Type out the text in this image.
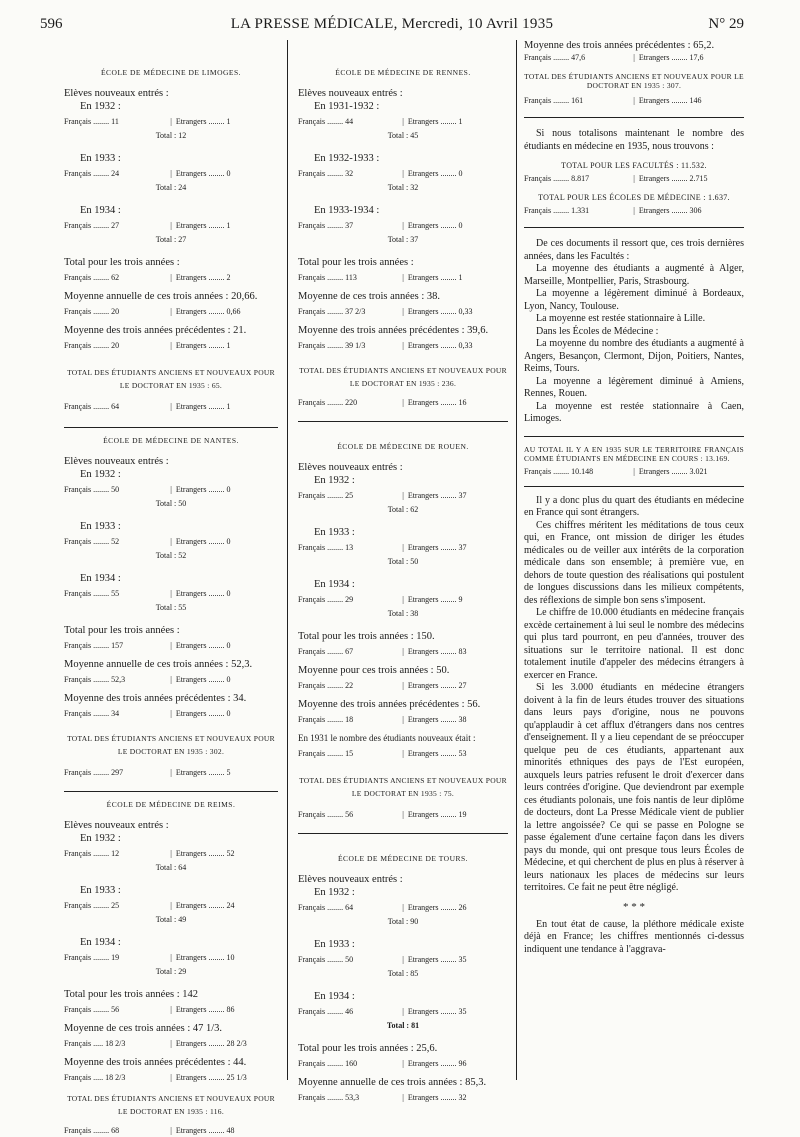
596	LA PRESSE MÉDICALE, Mercredi, 10 Avril 1935	N° 29
ÉCOLE DE MÉDECINE DE LIMOGES.

Elèves nouveaux entrés :

En 1932 :

Français ........ 11	| Etrangers ........ 1
Total : 12

En 1933 :

Français ........ 24	| Etrangers ........ 0
Total : 24

En 1934 :

Français ........ 27	| Etrangers ........ 1
Total : 27

Total pour les trois années :

Français ........ 62	| Etrangers ........ 2

Moyenne annuelle de ces trois années : 20,66.

Français ........ 20	| Etrangers ........ 0,66

Moyenne des trois années précédentes : 21.

Français ........ 20	| Etrangers ........ 1
TOTAL DES ÉTUDIANTS ANCIENS ET NOUVEAUX POUR LE DOCTORAT EN 1935 : 65.
Français ........ 64	| Etrangers ........ 1
ÉCOLE DE MÉDECINE DE NANTES.

Elèves nouveaux entrés :

En 1932 :

Français ........ 50	| Etrangers ........ 0
Total : 50

En 1933 :

Français ........ 52	| Etrangers ........ 0
Total : 52

En 1934 :

Français ........ 55	| Etrangers ........ 0
Total : 55

Total pour les trois années :

Français ........ 157	| Etrangers ........ 0

Moyenne annuelle de ces trois années : 52,3.

Français ........ 52,3	| Etrangers ........ 0

Moyenne des trois années précédentes : 34.

Français ........ 34	| Etrangers ........ 0
TOTAL DES ÉTUDIANTS ANCIENS ET NOUVEAUX POUR LE DOCTORAT EN 1935 : 302.
Français ........ 297	| Etrangers ........ 5
ÉCOLE DE MÉDECINE DE REIMS.

Elèves nouveaux entrés :

En 1932 :

Français ........ 12	| Etrangers ........ 52
Total : 64

En 1933 :

Français ........ 25	| Etrangers ........ 24
Total : 49

En 1934 :

Français ........ 19	| Etrangers ........ 10
Total : 29

Total pour les trois années : 142

Français ........ 56	| Etrangers ........ 86

Moyenne de ces trois années : 47 1/3.

Français ..... 18 2/3	| Etrangers ........ 28 2/3

Moyenne des trois années précédentes : 44.

Français ..... 18 2/3	| Etrangers ........ 25 1/3
TOTAL DES ÉTUDIANTS ANCIENS ET NOUVEAUX POUR LE DOCTORAT EN 1935 : 116.
Français ........ 68	| Etrangers ........ 48
ÉCOLE DE MÉDECINE DE RENNES.

Elèves nouveaux entrés :

En 1931-1932 :

Français ........ 44	| Etrangers ........ 1
Total : 45

En 1932-1933 :

Français ........ 32	| Etrangers ........ 0
Total : 32

En 1933-1934 :

Français ........ 37	| Etrangers ........ 0
Total : 37

Total pour les trois années :

Français ........ 113	| Etrangers ........ 1

Moyenne de ces trois années : 38.

Français ........ 37 2/3	| Etrangers ........ 0,33

Moyenne des trois années précédentes : 39,6.

Français ........ 39 1/3	| Etrangers ........ 0,33
TOTAL DES ÉTUDIANTS ANCIENS ET NOUVEAUX POUR LE DOCTORAT EN 1935 : 236.
Français ........ 220	| Etrangers ........ 16
ÉCOLE DE MÉDECINE DE ROUEN.

Elèves nouveaux entrés :

En 1932 :

Français ........ 25	| Etrangers ........ 37
Total : 62

En 1933 :

Français ........ 13	| Etrangers ........ 37
Total : 50

En 1934 :

Français ........ 29	| Etrangers ........ 9
Total : 38

Total pour les trois années : 150.

Français ........ 67	| Etrangers ........ 83

Moyenne pour ces trois années : 50.

Français ........ 22	| Etrangers ........ 27

Moyenne des trois années précédentes : 56.

Français ........ 18	| Etrangers ........ 38

En 1931 le nombre des étudiants nouveaux était :

Français ........ 15	| Etrangers ........ 53
TOTAL DES ÉTUDIANTS ANCIENS ET NOUVEAUX POUR LE DOCTORAT EN 1935 : 75.
Français ........ 56	| Etrangers ........ 19
ÉCOLE DE MÉDECINE DE TOURS.

Elèves nouveaux entrés :

En 1932 :

Français ........ 64	| Etrangers ........ 26
Total : 90

En 1933 :

Français ........ 50	| Etrangers ........ 35
Total : 85

En 1934 :

Français ........ 46	| Etrangers ........ 35
Total : 81

Total pour les trois années : 25,6.

Français ........ 160	| Etrangers ........ 96

Moyenne annuelle de ces trois années : 85,3.

Français ........ 53,3	| Etrangers ........ 32

Moyenne des trois années précédentes : 65,2.

Français ........ 47,6	| Etrangers ........ 17,6
TOTAL DES ÉTUDIANTS ANCIENS ET NOUVEAUX POUR LE DOCTORAT EN 1935 : 307.
Français ........ 161	| Etrangers ........ 146

Si nous totalisons maintenant le nombre des étudiants en médecine en 1935, nous trouvons :

TOTAL POUR LES FACULTÉS : 11.532.
Français ........ 8.817	| Etrangers ........ 2.715
TOTAL POUR LES ÉCOLES DE MÉDECINE : 1.637.
Français ........ 1.331	| Etrangers ........ 306

De ces documents il ressort que, ces trois dernières années, dans les Facultés :

La moyenne des étudiants a augmenté à Alger, Marseille, Montpellier, Paris, Strasbourg.

La moyenne a légèrement diminué à Bordeaux, Lyon, Nancy, Toulouse.

La moyenne est restée stationnaire à Lille.

Dans les Écoles de Médecine :

La moyenne du nombre des étudiants a augmenté à Angers, Besançon, Clermont, Dijon, Poitiers, Nantes, Reims, Tours.

La moyenne a légèrement diminué à Amiens, Rennes, Rouen.

La moyenne est restée stationnaire à Caen, Limoges.

AU TOTAL IL Y A EN 1935 SUR LE TERRITOIRE FRANÇAIS COMME ÉTUDIANTS EN MÉDECINE EN COURS : 13.169.
Français ........ 10.148	| Etrangers ........ 3.021

Il y a donc plus du quart des étudiants en médecine en France qui sont étrangers.

Ces chiffres méritent les méditations de tous ceux qui, en France, ont mission de diriger les études médicales ou de veiller aux intérêts de la corporation médicale dans son ensemble; à première vue, en dehors de toute question des réalisations qui postulent de longues discussions dans les milieux compétents, des réflexions de simple bon sens s'imposent.

Le chiffre de 10.000 étudiants en médecine français excède certainement à lui seul le nombre des médecins qui plus tard pourront, en peu d'années, trouver des situations sur le territoire national. Il est donc totalement inutile d'appeler des médecins étrangers à exercer en France.

Si les 3.000 étudiants en médecine étrangers doivent à la fin de leurs études trouver des situations dans leurs pays d'origine, nous ne pouvons qu'applaudir à cet afflux d'étrangers dans nos centres d'enseignement. Il y a lieu cependant de se préoccuper quelque peu de ces étudiants, appartenant aux minorités ethniques des pays de l'Est européen, auxquels leurs patries refusent le droit d'exercer dans leurs contrées d'origine. Que deviendront par exemple ces étudiants polonais, une fois nantis de leur diplôme de docteurs, dont La Presse Médicale vient de publier la lettre angoissée? Ce qui se passe en Pologne se passe également d'une certaine façon dans les divers pays du monde, qui ont presque tous leurs Écoles de Médecine, et qui cherchent de plus en plus à réserver à leurs nationaux les places de médecins sur leurs territoires. Ce fait ne peut être négligé.

* * *

En tout état de cause, la pléthore médicale existe déjà en France; les chiffres mentionnés ci-dessus indiquent une tendance à l'aggrava-
